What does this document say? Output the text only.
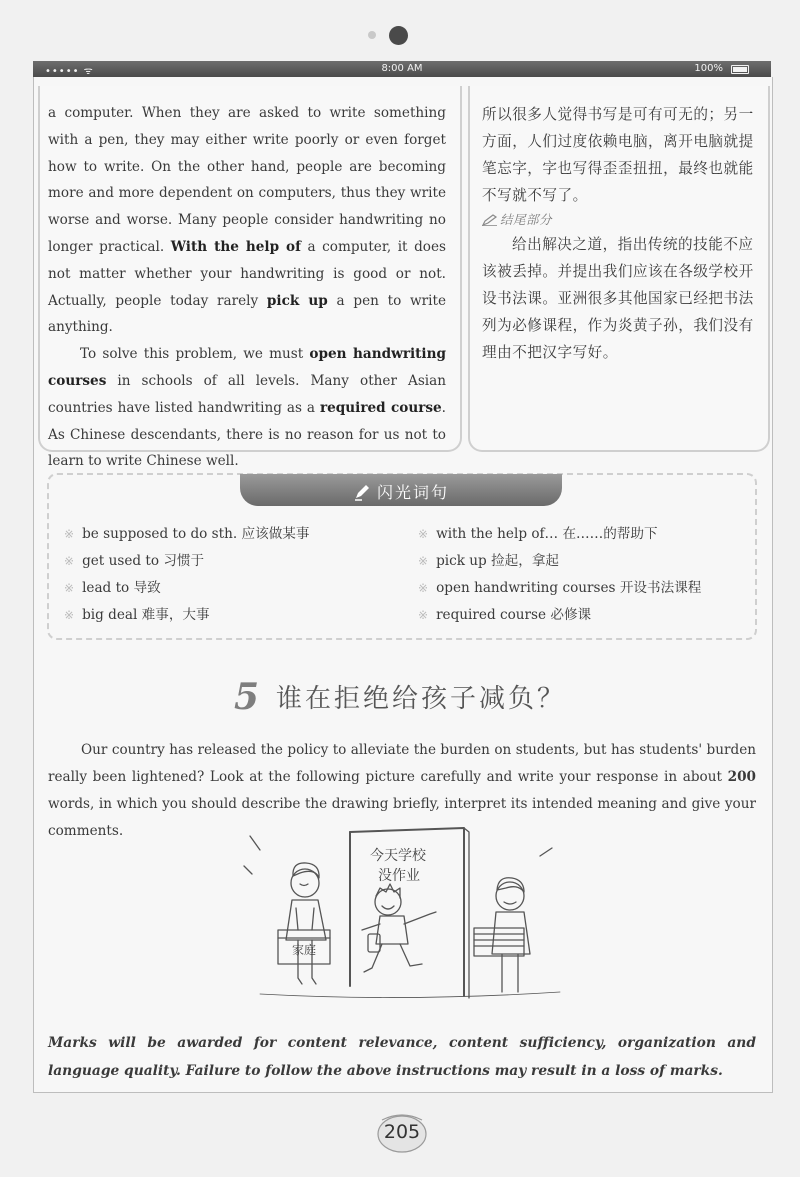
••••• ᯤ	8:00 AM	100%

a computer. When they are asked to write something with a pen, they may either write poorly or even forget how to write. On the other hand, people are becoming more and more dependent on computers, thus they write worse and worse. Many people consider handwriting no longer practical. With the help of a computer, it does not matter whether your handwriting is good or not. Actually, people today rarely pick up a pen to write anything.

To solve this problem, we must open handwriting courses in schools of all levels. Many other Asian countries have listed handwriting as a required course. As Chinese descendants, there is no reason for us not to learn to write Chinese well.

所以很多人觉得书写是可有可无的；另一方面，人们过度依赖电脑，离开电脑就提笔忘字，字也写得歪歪扭扭，最终也就能不写就不写了。

结尾部分

给出解决之道，指出传统的技能不应该被丢掉。并提出我们应该在各级学校开设书法课。亚洲很多其他国家已经把书法列为必修课程，作为炎黄子孙，我们没有理由不把汉字写好。

闪光词句
※ be supposed to do sth. 应该做某事
※ get used to 习惯于
※ lead to 导致
※ big deal 难事，大事
※ with the help of… 在……的帮助下
※ pick up 捡起，拿起
※ open handwriting courses 开设书法课程
※ required course 必修课
5 谁在拒绝给孩子减负？
Our country has released the policy to alleviate the burden on students, but has students' burden really been lightened? Look at the following picture carefully and write your response in about 200 words, in which you should describe the drawing briefly, interpret its intended meaning and give your comments.
今天学校
没作业
家庭
Marks will be awarded for content relevance, content sufficiency, organization and language quality. Failure to follow the above instructions may result in a loss of marks.
205
